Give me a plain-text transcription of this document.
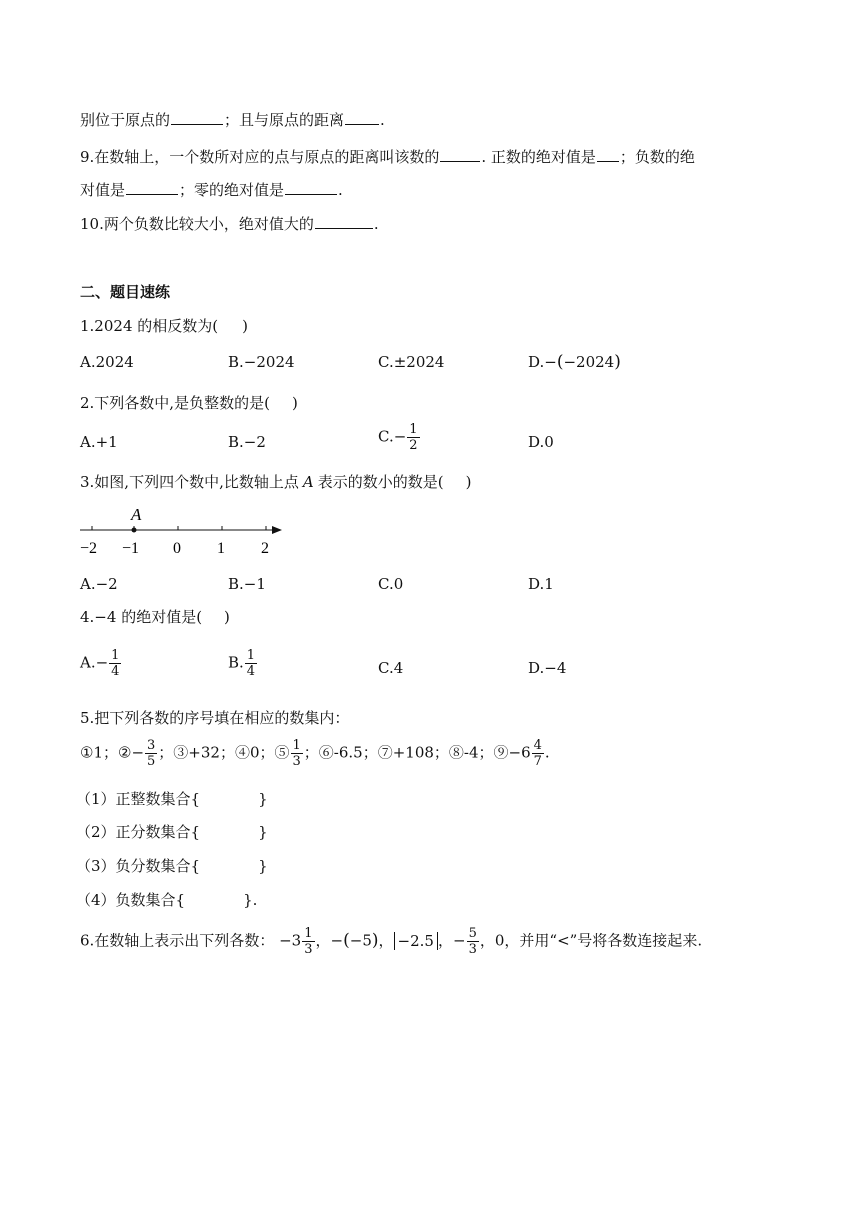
别位于原点的	；且与原点的距离 .
9.在数轴上，一个数所对应的点与原点的距离叫该数的	. 正数的绝对值是 ；负数的绝
对值是	；零的绝对值是	.
10.两个负数比较大小，绝对值大的	.
二、题目速练
1.2024 的相反数为( )
A.2024	B.−2024	C.±2024	D.−(−2024)
2.下列各数中,是负整数的是( )
A.+1	B.−2	$C.- \frac{1}{2}$	D.0
3.如图,下列四个数中,比数轴上点 A 表示的数小的数是( )
A
−2 −1 0 1 2
A.−2	B.−1	C.0	D.1
4.−4 的绝对值是( )
$A.- \frac{1}{4}$	B. $\frac{1}{4}$	C.4	D.−4
5.把下列各数的序号填在相应的数集内：
①1；②− $\frac{3}{5}$ ；③+32；④0；⑤ $\frac{1}{3}$ ；⑥-6.5；⑦+108；⑧-4；⑨−6 $\frac{4}{7}$ .
（1）正整数集合{	}
（2）正分数集合{	}
（3）负分数集合{	}
（4）负数集合{	}.
6.在数轴上表示出下列各数： $-3 \frac{1}{3}$ ，−(−5)， −2.5 ，− $\frac{5}{3}$ ，0，并用“<”号将各数连接起来.
